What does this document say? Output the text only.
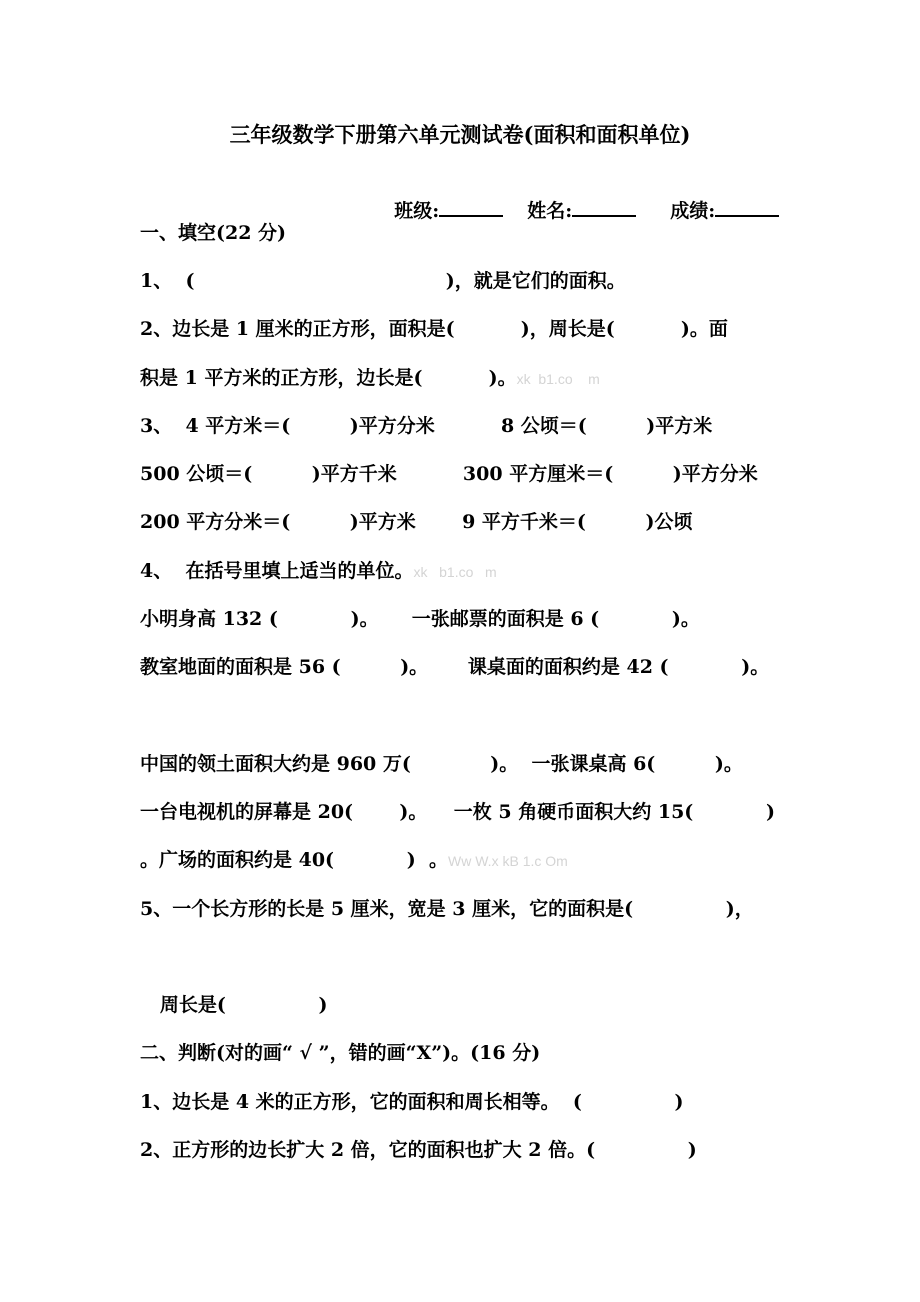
三年级数学下册第六单元测试卷(面积和面积单位)

班级:	姓名:	成绩:

一、填空(22 分)
1、  (                                      )，就是它们的面积。
2、边长是 1 厘米的正方形，面积是(          )，周长是(          )。面
积是 1 平方米的正方形，边长是(          )。xk  b1.co    m
3、  4 平方米＝(         )平方分米          8 公顷＝(         )平方米
500 公顷＝(         )平方千米          300 平方厘米＝(         )平方分米
200 平方分米＝(         )平方米       9 平方千米＝(         )公顷
4、  在括号里填上适当的单位。xk   b1.co   m
小明身高 132 (           )。     一张邮票的面积是 6 (           )。
教室地面的面积是 56 (         )。      课桌面的面积约是 42 (           )。
中国的领土面积大约是 960 万(            )。  一张课桌高 6(         )。
一台电视机的屏幕是 20(       )。    一枚 5 角硬币面积大约 15(           )
。广场的面积约是 40(           )  。Ww W.x kB 1.c Om
5、一个长方形的长是 5 厘米，宽是 3 厘米，它的面积是(              )，
周长是(              )
二、判断(对的画“ √ ”，错的画“X”)。(16 分)
1、边长是 4 米的正方形，它的面积和周长相等。  (              )
2、正方形的边长扩大 2 倍，它的面积也扩大 2 倍。(              )
